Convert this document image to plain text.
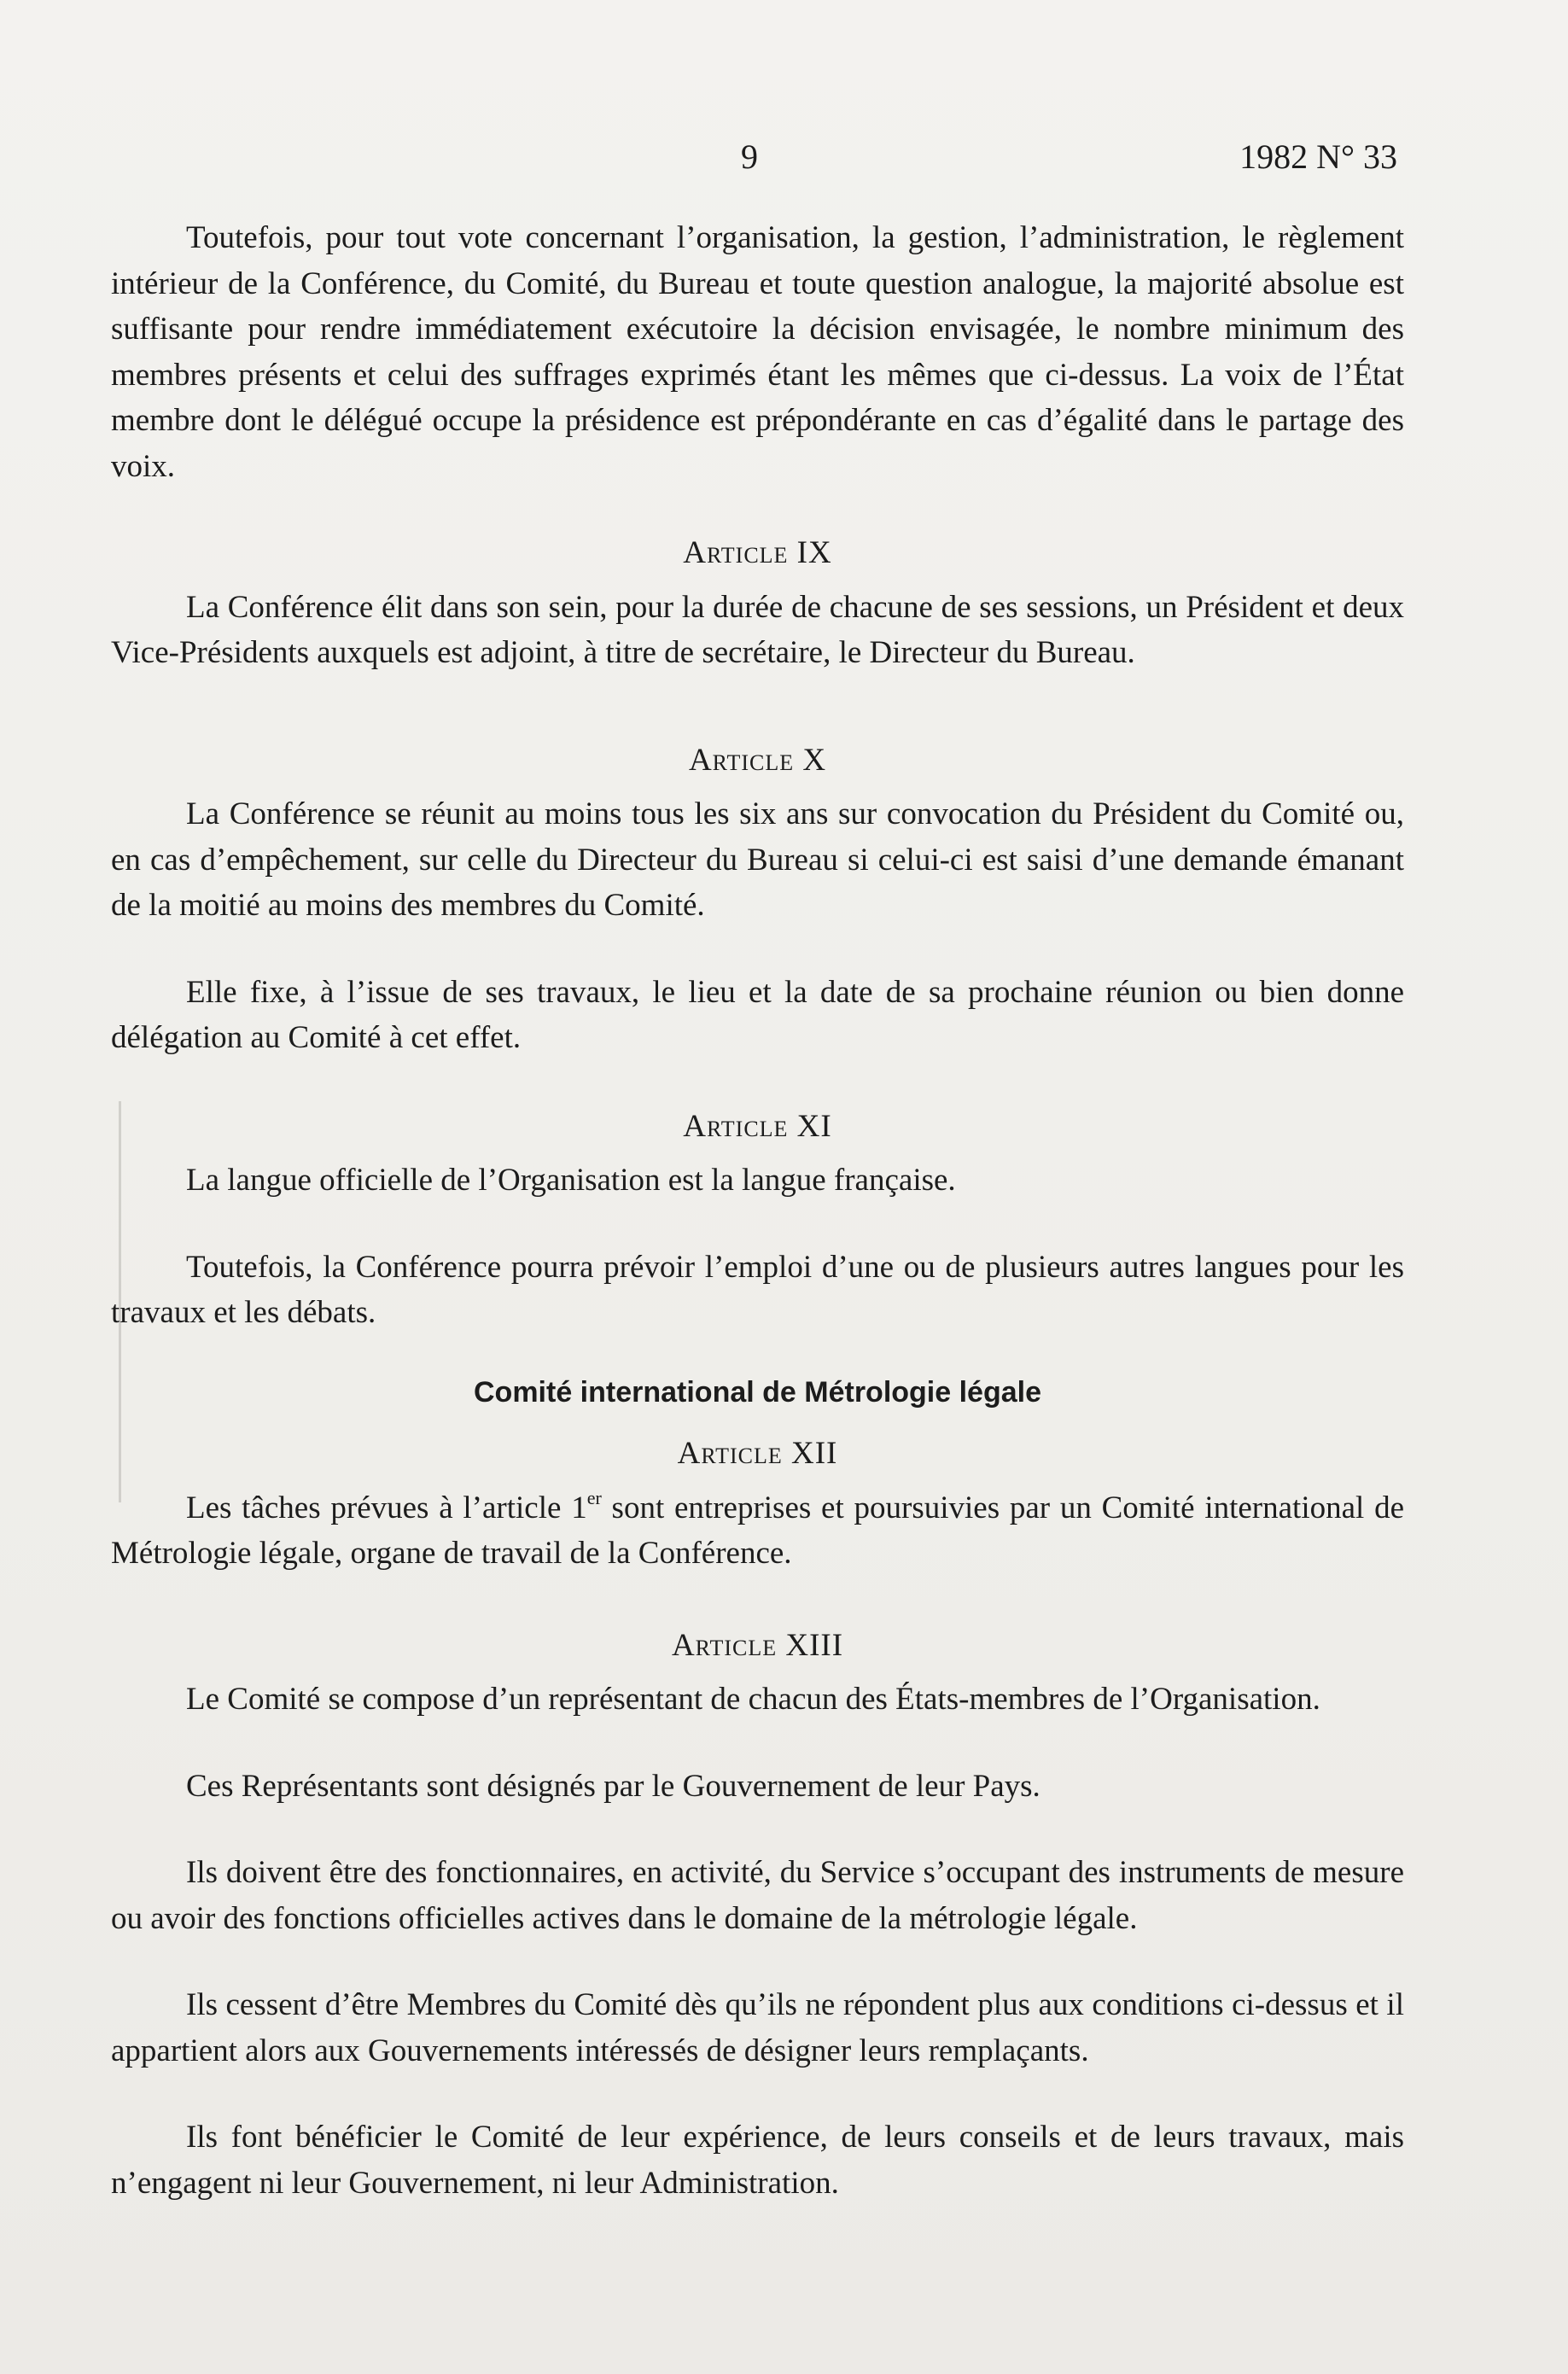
9	1982 N° 33

Toutefois, pour tout vote concernant l’organisation, la gestion, l’administration, le règlement intérieur de la Conférence, du Comité, du Bureau et toute question analogue, la majorité absolue est suffisante pour rendre immédiatement exécutoire la décision envisagée, le nombre minimum des membres présents et celui des suffrages exprimés étant les mêmes que ci-dessus. La voix de l’État membre dont le délégué occupe la présidence est prépondérante en cas d’égalité dans le partage des voix.

Article IX

La Conférence élit dans son sein, pour la durée de chacune de ses sessions, un Président et deux Vice-Présidents auxquels est adjoint, à titre de secrétaire, le Directeur du Bureau.

Article X

La Conférence se réunit au moins tous les six ans sur convocation du Président du Comité ou, en cas d’empêchement, sur celle du Directeur du Bureau si celui-ci est saisi d’une demande émanant de la moitié au moins des membres du Comité.

Elle fixe, à l’issue de ses travaux, le lieu et la date de sa prochaine réunion ou bien donne délégation au Comité à cet effet.

Article XI

La langue officielle de l’Organisation est la langue française.

Toutefois, la Conférence pourra prévoir l’emploi d’une ou de plusieurs autres langues pour les travaux et les débats.

Comité international de Métrologie légale
Article XII

Les tâches prévues à l’article 1er sont entreprises et poursuivies par un Comité international de Métrologie légale, organe de travail de la Conférence.

Article XIII

Le Comité se compose d’un représentant de chacun des États-membres de l’Organisation.

Ces Représentants sont désignés par le Gouvernement de leur Pays.

Ils doivent être des fonctionnaires, en activité, du Service s’occupant des instruments de mesure ou avoir des fonctions officielles actives dans le domaine de la métrologie légale.

Ils cessent d’être Membres du Comité dès qu’ils ne répondent plus aux conditions ci-dessus et il appartient alors aux Gouvernements intéressés de désigner leurs remplaçants.

Ils font bénéficier le Comité de leur expérience, de leurs conseils et de leurs travaux, mais n’engagent ni leur Gouvernement, ni leur Administration.
